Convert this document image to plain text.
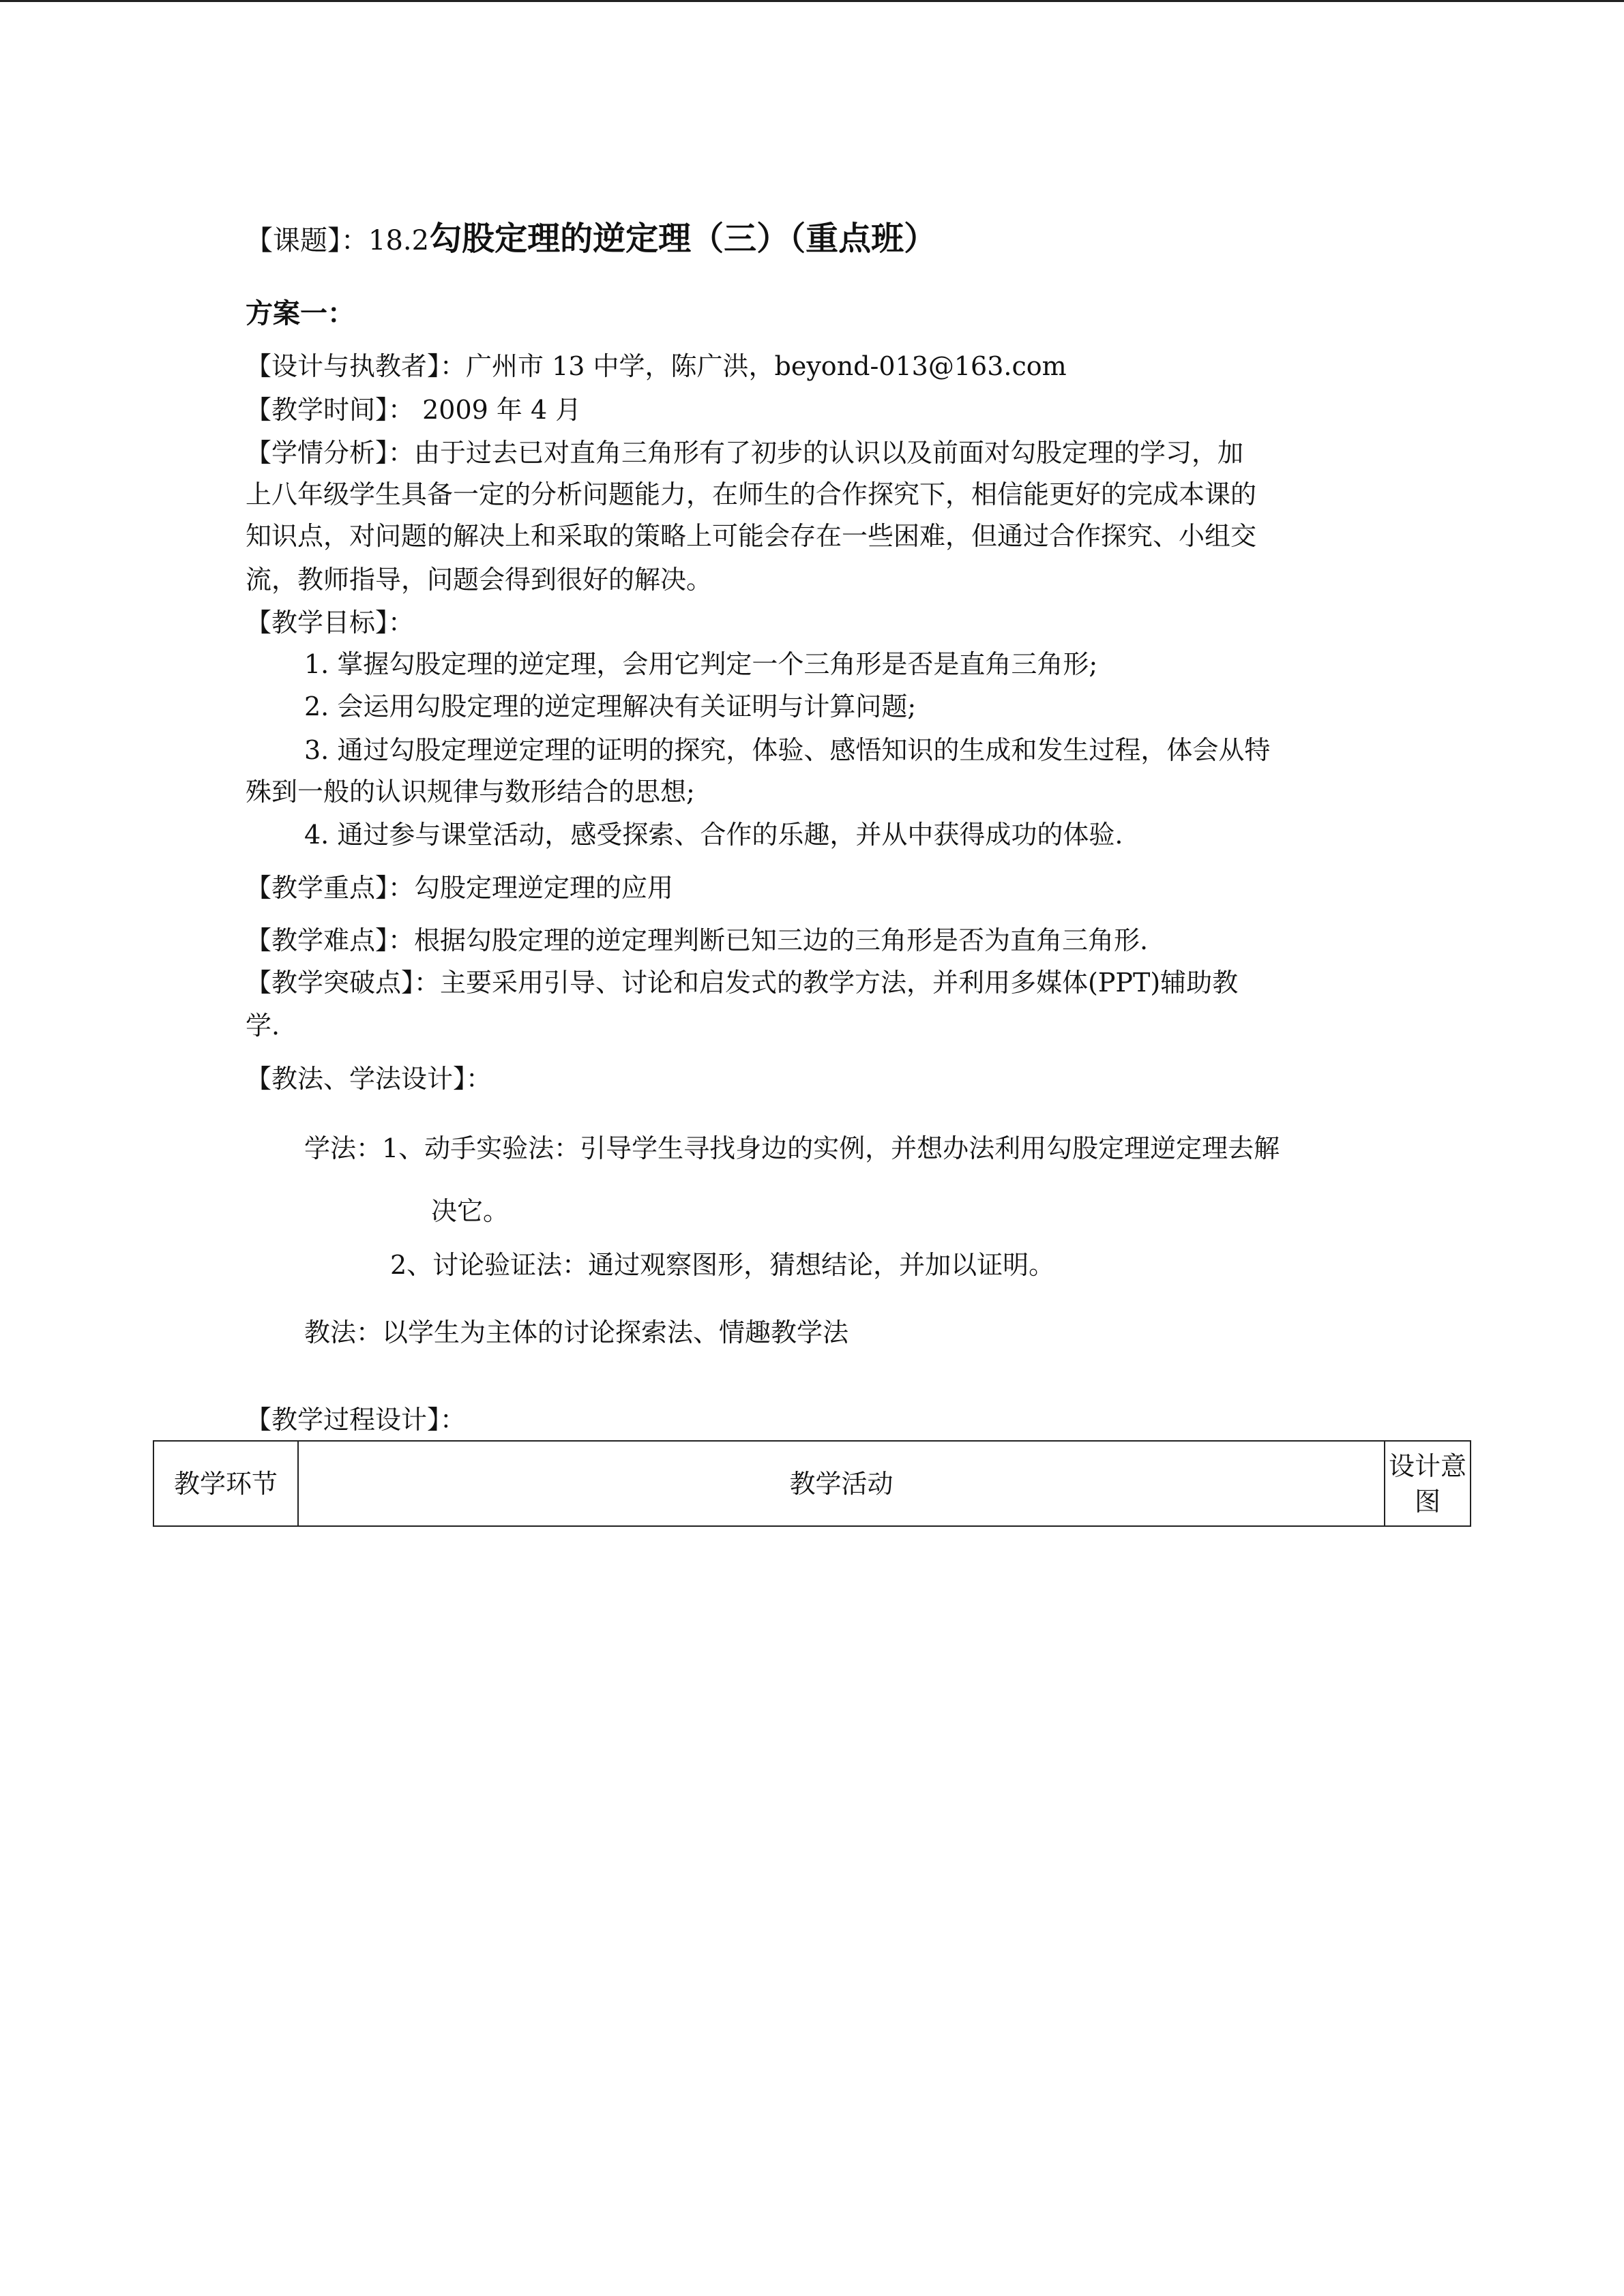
【课题】：18.2勾股定理的逆定理（三）（重点班）
方案一：
【设计与执教者】：广州市 13 中学，陈广洪，beyond-013@163.com
【教学时间】： 2009 年 4 月
【学情分析】：由于过去已对直角三角形有了初步的认识以及前面对勾股定理的学习，加
上八年级学生具备一定的分析问题能力，在师生的合作探究下，相信能更好的完成本课的
知识点，对问题的解决上和采取的策略上可能会存在一些困难，但通过合作探究、小组交
流，教师指导，问题会得到很好的解决。
【教学目标】：
1. 掌握勾股定理的逆定理，会用它判定一个三角形是否是直角三角形;
2. 会运用勾股定理的逆定理解决有关证明与计算问题;
3. 通过勾股定理逆定理的证明的探究，体验、感悟知识的生成和发生过程，体会从特
殊到一般的认识规律与数形结合的思想;
4. 通过参与课堂活动，感受探索、合作的乐趣，并从中获得成功的体验.
【教学重点】：勾股定理逆定理的应用
【教学难点】：根据勾股定理的逆定理判断已知三边的三角形是否为直角三角形.
【教学突破点】：主要采用引导、讨论和启发式的教学方法，并利用多媒体(PPT)辅助教
学.
【教法、学法设计】：
学法：1、动手实验法：引导学生寻找身边的实例，并想办法利用勾股定理逆定理去解
决它。
2、讨论验证法：通过观察图形，猜想结论，并加以证明。
教法：以学生为主体的讨论探索法、情趣教学法
【教学过程设计】：
教学环节	教学活动	设计意图
